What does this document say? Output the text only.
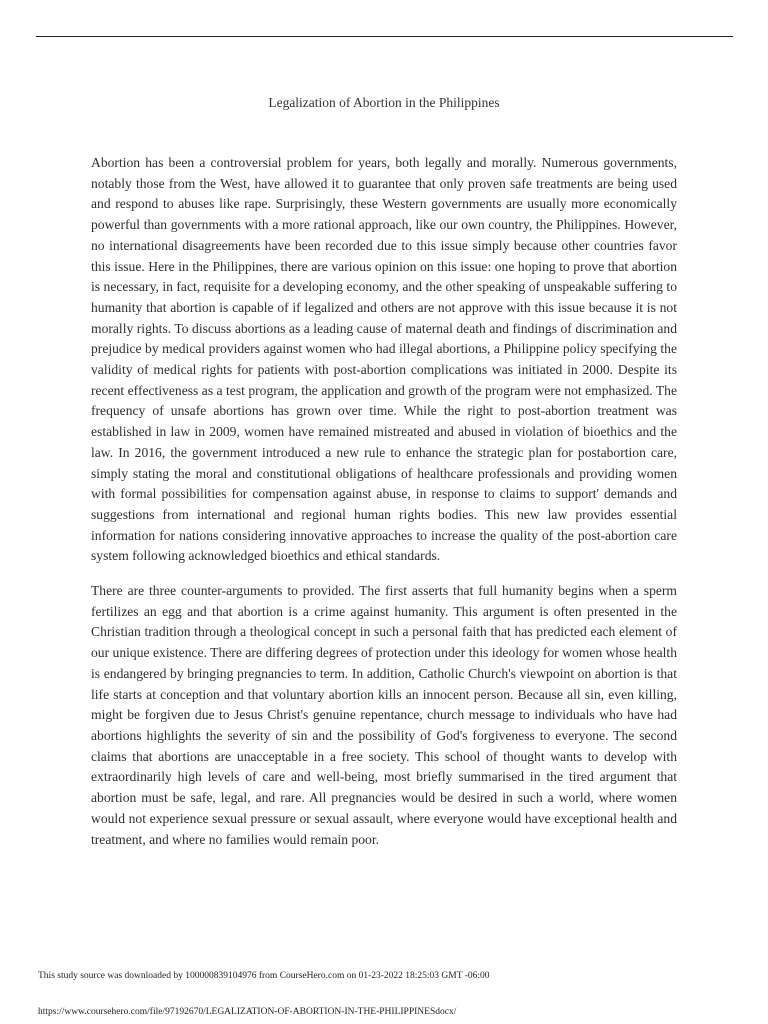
Legalization of Abortion in the Philippines

Abortion has been a controversial problem for years, both legally and morally. Numerous governments, notably those from the West, have allowed it to guarantee that only proven safe treatments are being used and respond to abuses like rape. Surprisingly, these Western governments are usually more economically powerful than governments with a more rational approach, like our own country, the Philippines. However, no international disagreements have been recorded due to this issue simply because other countries favor this issue. Here in the Philippines, there are various opinion on this issue: one hoping to prove that abortion is necessary, in fact, requisite for a developing economy, and the other speaking of unspeakable suffering to humanity that abortion is capable of if legalized and others are not approve with this issue because it is not morally rights. To discuss abortions as a leading cause of maternal death and findings of discrimination and prejudice by medical providers against women who had illegal abortions, a Philippine policy specifying the validity of medical rights for patients with post-abortion complications was initiated in 2000. Despite its recent effectiveness as a test program, the application and growth of the program were not emphasized. The frequency of unsafe abortions has grown over time. While the right to post-abortion treatment was established in law in 2009, women have remained mistreated and abused in violation of bioethics and the law. In 2016, the government introduced a new rule to enhance the strategic plan for postabortion care, simply stating the moral and constitutional obligations of healthcare professionals and providing women with formal possibilities for compensation against abuse, in response to claims to support' demands and suggestions from international and regional human rights bodies. This new law provides essential information for nations considering innovative approaches to increase the quality of the post-abortion care system following acknowledged bioethics and ethical standards.

There are three counter-arguments to provided. The first asserts that full humanity begins when a sperm fertilizes an egg and that abortion is a crime against humanity. This argument is often presented in the Christian tradition through a theological concept in such a personal faith that has predicted each element of our unique existence. There are differing degrees of protection under this ideology for women whose health is endangered by bringing pregnancies to term. In addition, Catholic Church's viewpoint on abortion is that life starts at conception and that voluntary abortion kills an innocent person. Because all sin, even killing, might be forgiven due to Jesus Christ's genuine repentance, church message to individuals who have had abortions highlights the severity of sin and the possibility of God's forgiveness to everyone. The second claims that abortions are unacceptable in a free society. This school of thought wants to develop with extraordinarily high levels of care and well-being, most briefly summarised in the tired argument that abortion must be safe, legal, and rare. All pregnancies would be desired in such a world, where women would not experience sexual pressure or sexual assault, where everyone would have exceptional health and treatment, and where no families would remain poor.

This study source was downloaded by 100000839104976 from CourseHero.com on 01-23-2022 18:25:03 GMT -06:00
https://www.coursehero.com/file/97192670/LEGALIZATION-OF-ABORTION-IN-THE-PHILIPPINESdocx/
